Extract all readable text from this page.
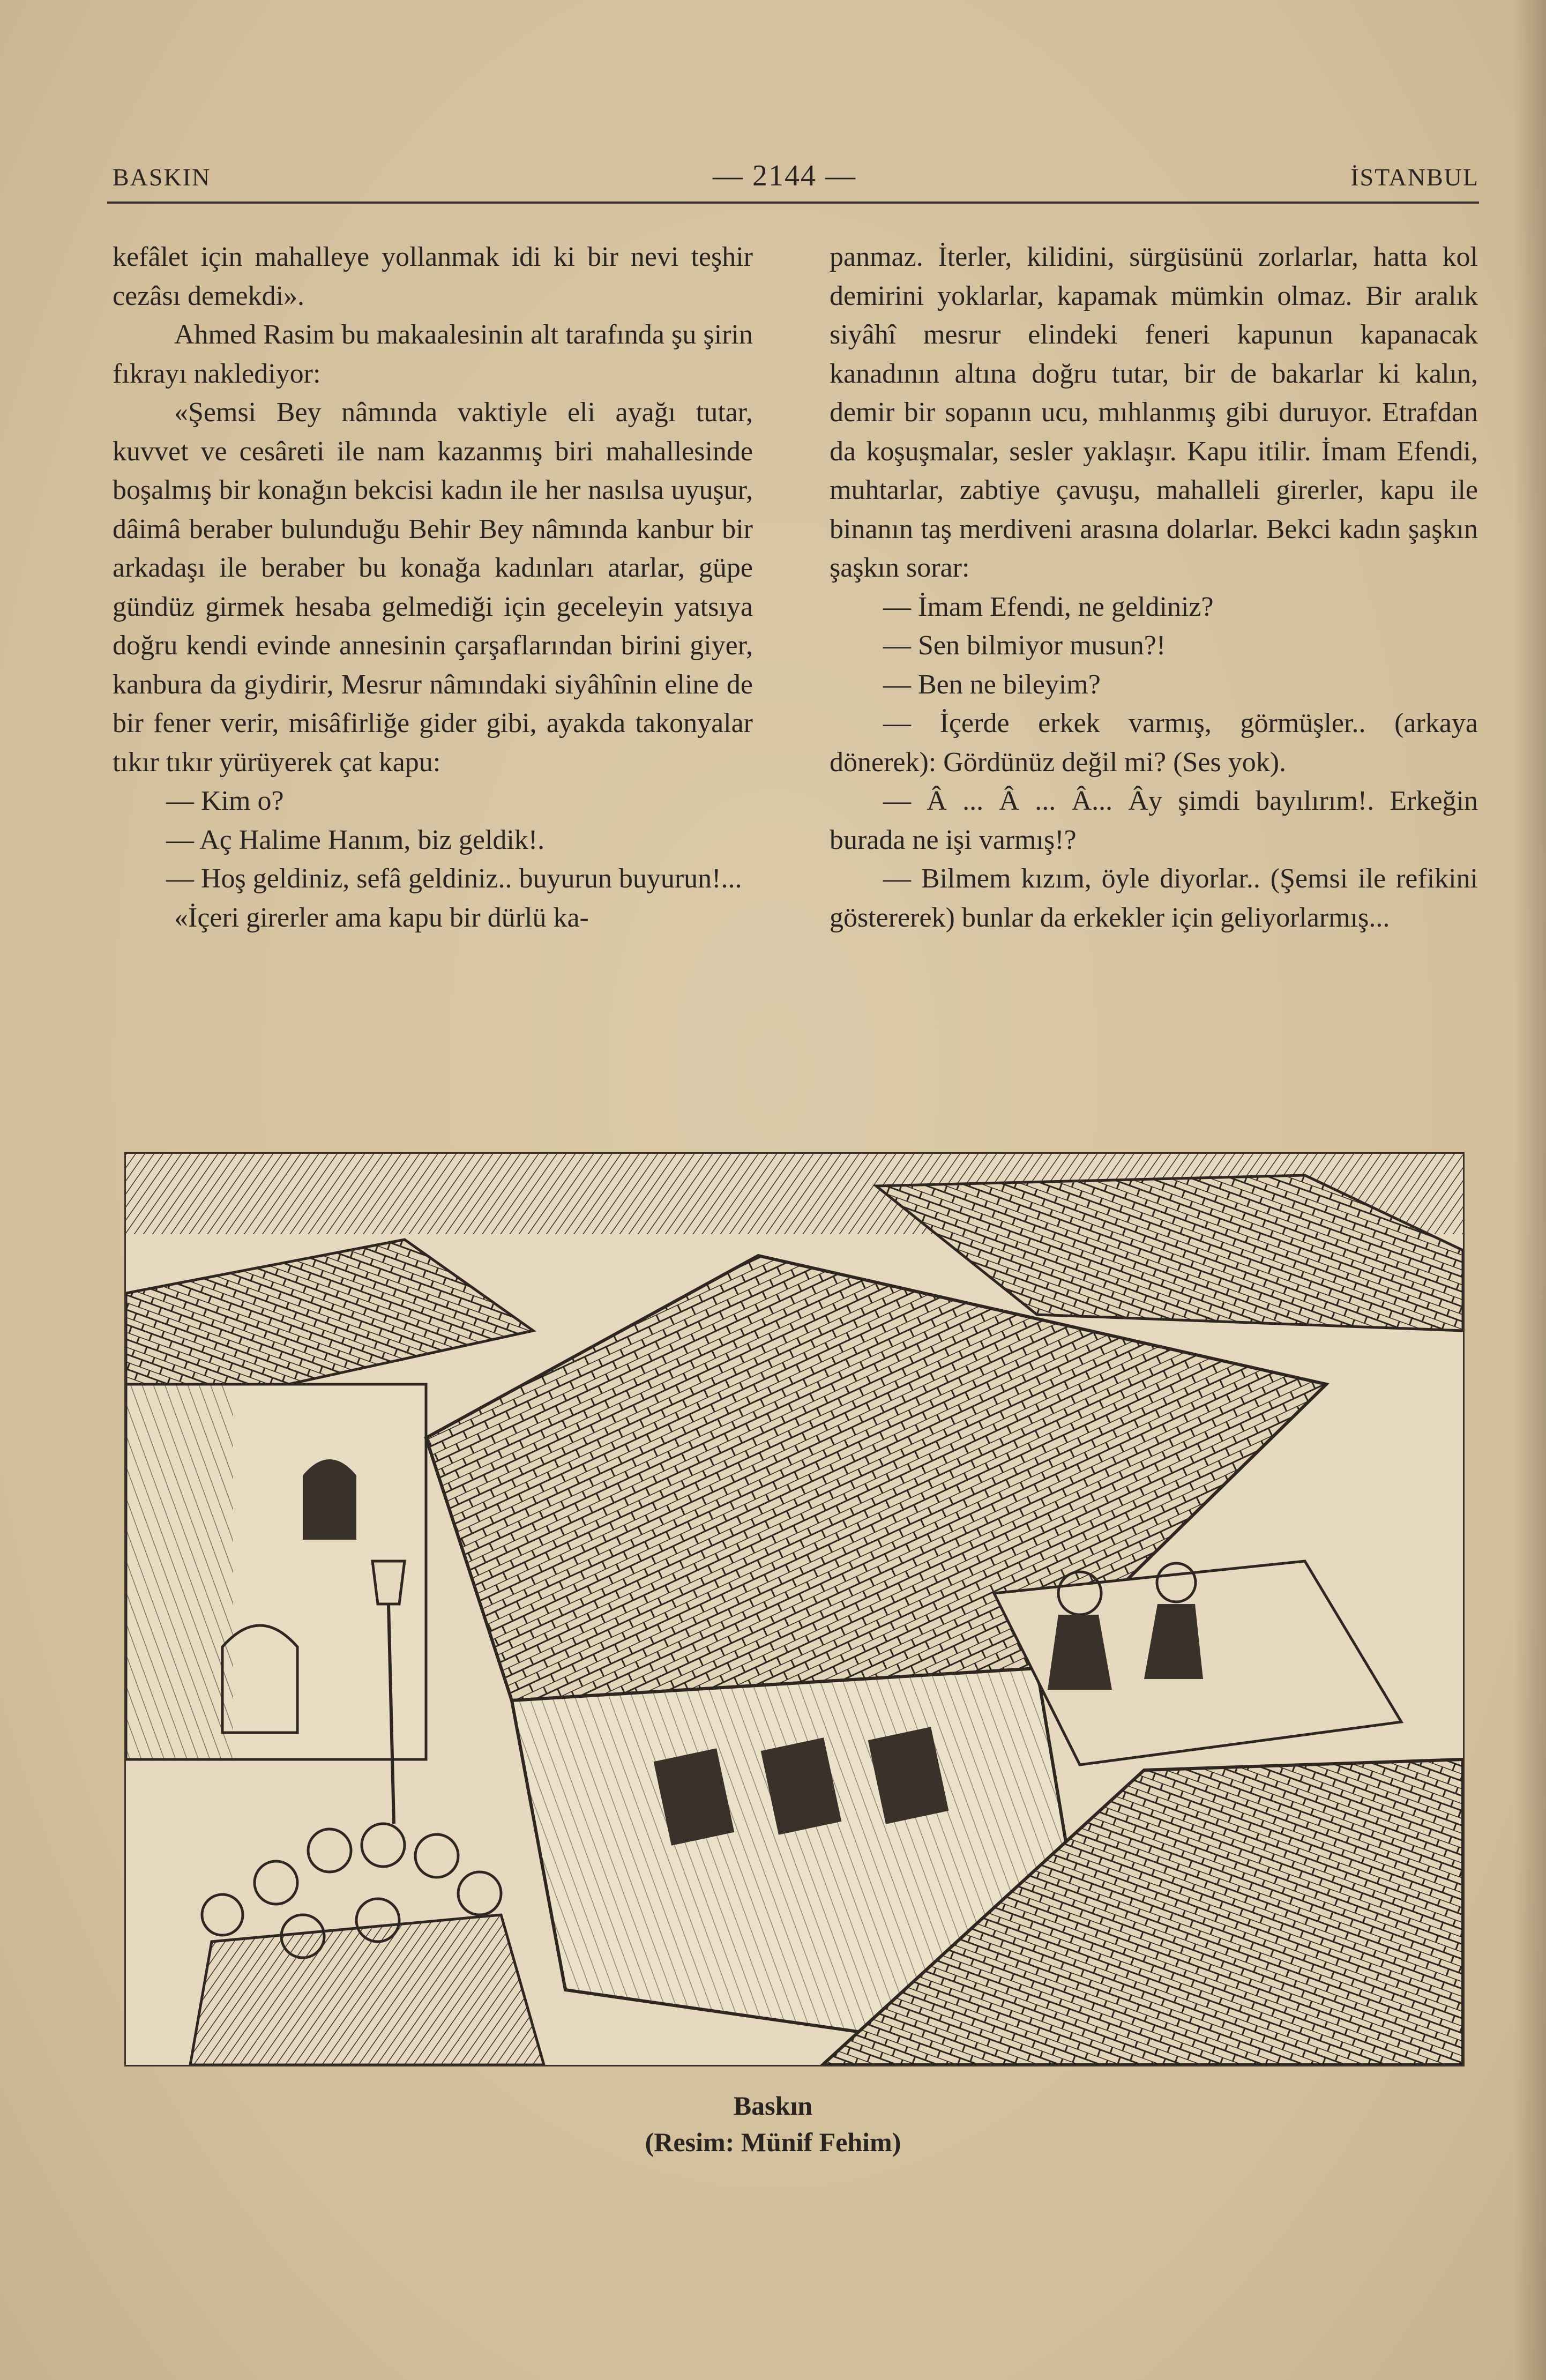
BASKIN	— 2144 —	İSTANBUL

kefâlet için mahalleye yollanmak idi ki bir nevi teşhir cezâsı demekdi».

Ahmed Rasim bu makaalesinin alt tarafında şu şirin fıkrayı naklediyor:

«Şemsi Bey nâmında vaktiyle eli ayağı tutar, kuvvet ve cesâreti ile nam kazanmış biri mahallesinde boşalmış bir konağın bekcisi kadın ile her nasılsa uyuşur, dâimâ beraber bulunduğu Behir Bey nâmında kanbur bir arkadaşı ile beraber bu konağa kadınları atarlar, güpe gündüz girmek hesaba gelmediği için geceleyin yatsıya doğru kendi evinde annesinin çarşaflarından birini giyer, kanbura da giydirir, Mesrur nâmındaki siyâhînin eline de bir fener verir, misâfirliğe gider gibi, ayakda takonyalar tıkır tıkır yürüyerek çat kapu:

— Kim o?

— Aç Halime Hanım, biz geldik!.

— Hoş geldiniz, sefâ geldiniz.. buyurun buyurun!...

«İçeri girerler ama kapu bir dürlü ka-

panmaz. İterler, kilidini, sürgüsünü zorlarlar, hatta kol demirini yoklarlar, kapamak mümkin olmaz. Bir aralık siyâhî mesrur elindeki feneri kapunun kapanacak kanadının altına doğru tutar, bir de bakarlar ki kalın, demir bir sopanın ucu, mıhlanmış gibi duruyor. Etrafdan da koşuşmalar, sesler yaklaşır. Kapu itilir. İmam Efendi, muhtarlar, zabtiye çavuşu, mahalleli girerler, kapu ile binanın taş merdiveni arasına dolarlar. Bekci kadın şaşkın şaşkın sorar:

— İmam Efendi, ne geldiniz?

— Sen bilmiyor musun?!

— Ben ne bileyim?

— İçerde erkek varmış, görmüşler.. (arkaya dönerek): Gördünüz değil mi? (Ses yok).

— Â ... Â ... Â... Ây şimdi bayılırım!. Erkeğin burada ne işi varmış!?

— Bilmem kızım, öyle diyorlar.. (Şemsi ile refikini göstererek) bunlar da erkekler için geliyorlarmış...

Baskın
(Resim: Münif Fehim)
